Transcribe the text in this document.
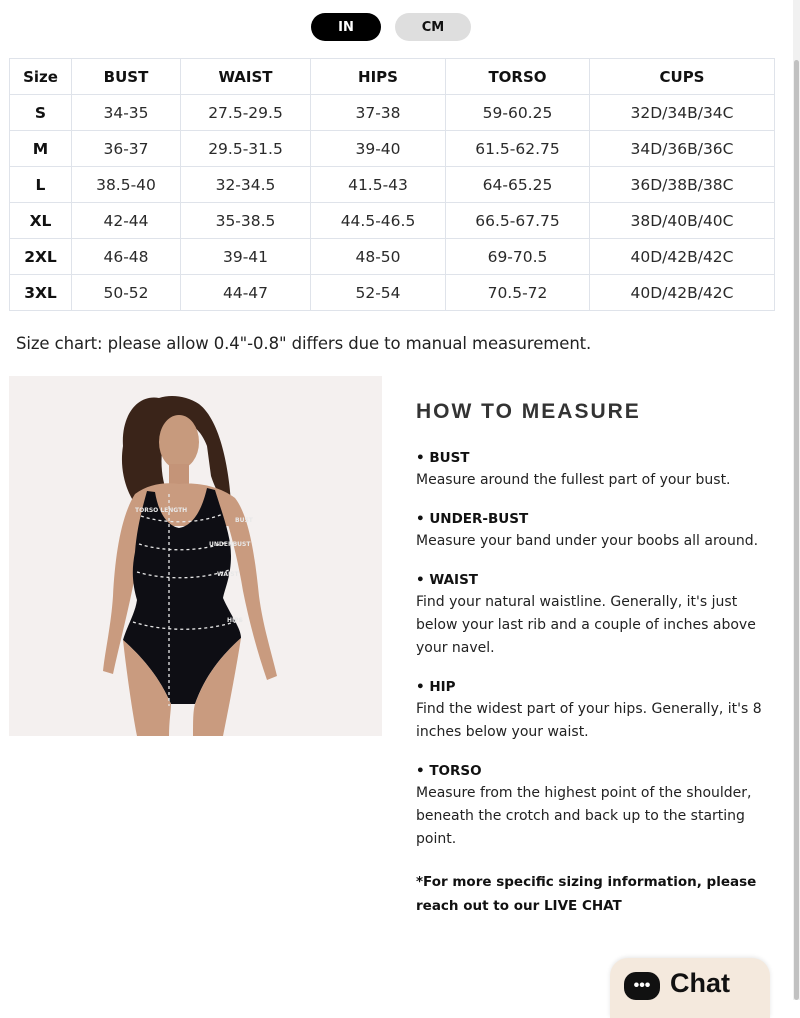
IN	CM
Size	BUST	WAIST	HIPS	TORSO	CUPS
S	34-35	27.5-29.5	37-38	59-60.25	32D/34B/34C
M	36-37	29.5-31.5	39-40	61.5-62.75	34D/36B/36C
L	38.5-40	32-34.5	41.5-43	64-65.25	36D/38B/38C
XL	42-44	35-38.5	44.5-46.5	66.5-67.75	38D/40B/40C
2XL	46-48	39-41	48-50	69-70.5	40D/42B/42C
3XL	50-52	44-47	52-54	70.5-72	40D/42B/42C
Size chart: please allow 0.4"-0.8" differs due to manual measurement.
TORSO LENGTH
BUST
UNDERBUST
WAIST
HIPS
HOW TO MEASURE
• BUST
Measure around the fullest part of your bust.
• UNDER-BUST
Measure your band under your boobs all around.
• WAIST
Find your natural waistline. Generally, it's just below your last rib and a couple of inches above your navel.
• HIP
Find the widest part of your hips. Generally, it's 8 inches below your waist.
• TORSO
Measure from the highest point of the shoulder, beneath the crotch and back up to the starting point.
*For more specific sizing information, please reach out to our LIVE CHAT
••• Chat
